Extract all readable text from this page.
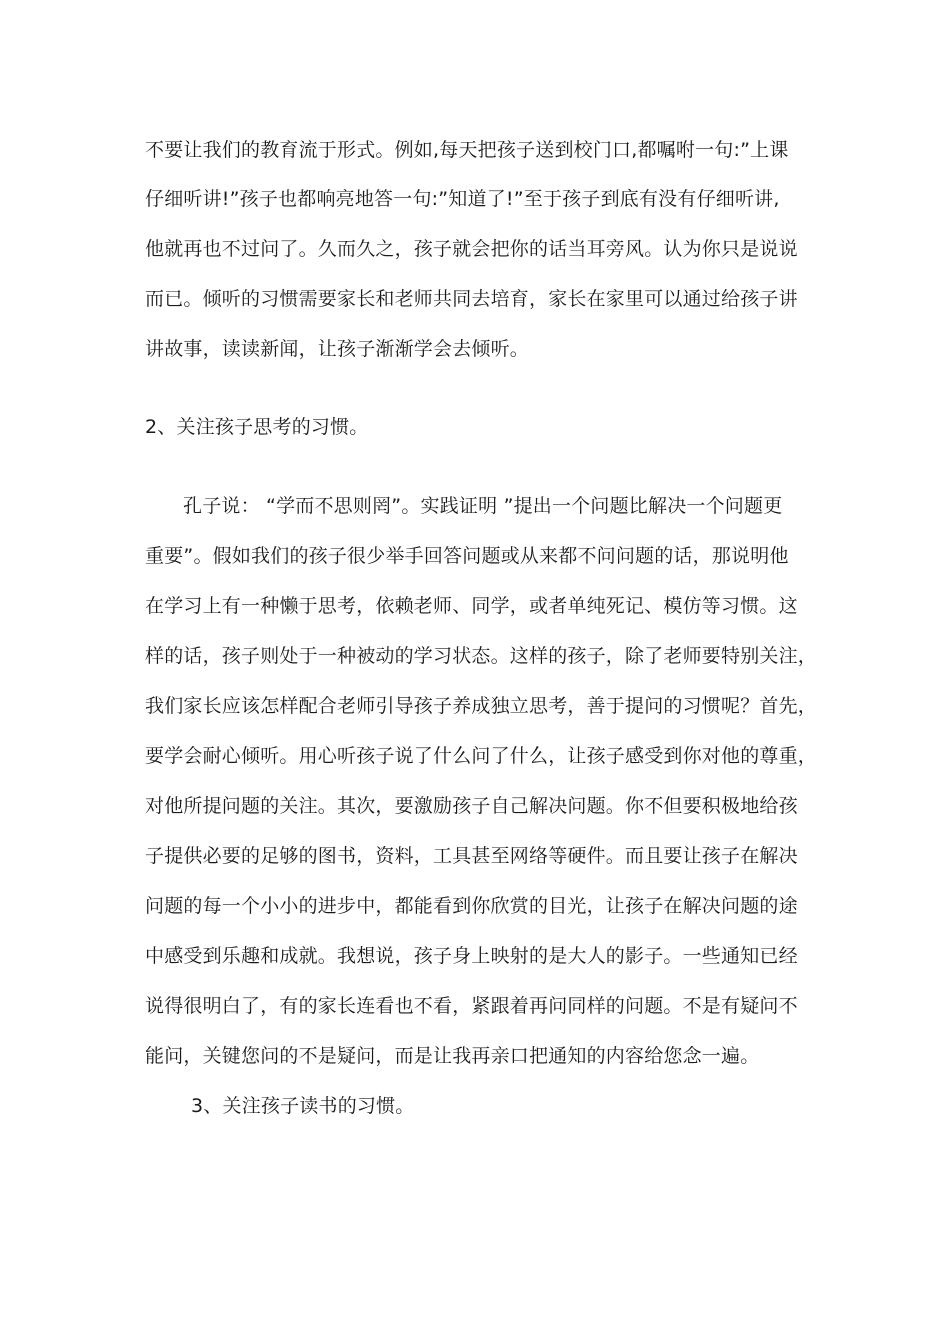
不要让我们的教育流于形式。例如,每天把孩子送到校门口,都嘱咐一句:”上课
仔细听讲!”孩子也都响亮地答一句:”知道了!”至于孩子到底有没有仔细听讲,
他就再也不过问了。久而久之，孩子就会把你的话当耳旁风。认为你只是说说
而已。倾听的习惯需要家长和老师共同去培育，家长在家里可以通过给孩子讲
讲故事，读读新闻，让孩子渐渐学会去倾听。
2、关注孩子思考的习惯。
孔子说： “学而不思则罔”。实践证明 ”提出一个问题比解决一个问题更
重要”。假如我们的孩子很少举手回答问题或从来都不问问题的话，那说明他
在学习上有一种懒于思考，依赖老师、同学，或者单纯死记、模仿等习惯。这
样的话，孩子则处于一种被动的学习状态。这样的孩子，除了老师要特别关注，
我们家长应该怎样配合老师引导孩子养成独立思考，善于提问的习惯呢？首先，
要学会耐心倾听。用心听孩子说了什么问了什么，让孩子感受到你对他的尊重，
对他所提问题的关注。其次，要激励孩子自己解决问题。你不但要积极地给孩
子提供必要的足够的图书，资料，工具甚至网络等硬件。而且要让孩子在解决
问题的每一个小小的进步中，都能看到你欣赏的目光，让孩子在解决问题的途
中感受到乐趣和成就。我想说，孩子身上映射的是大人的影子。一些通知已经
说得很明白了，有的家长连看也不看，紧跟着再问同样的问题。不是有疑问不
能问，关键您问的不是疑问，而是让我再亲口把通知的内容给您念一遍。
3、关注孩子读书的习惯。
